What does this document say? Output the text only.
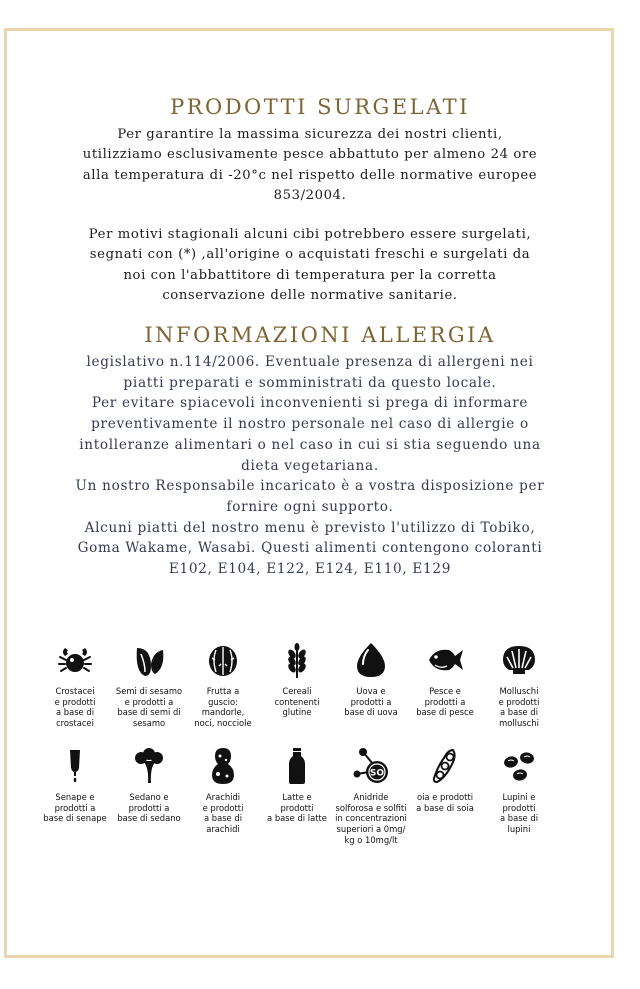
PRODOTTI SURGELATI
Per garantire la massima sicurezza dei nostri clienti,
utilizziamo esclusivamente pesce abbattuto per almeno 24 ore
alla temperatura di -20°c nel rispetto delle normative europee
853/2004.
Per motivi stagionali alcuni cibi potrebbero essere surgelati,
segnati con (*) ,all'origine o acquistati freschi e surgelati da
noi con l'abbattitore di temperatura per la corretta
conservazione delle normative sanitarie.
INFORMAZIONI ALLERGIA
legislativo n.114/2006. Eventuale presenza di allergeni nei
piatti preparati e somministrati da questo locale.
Per evitare spiacevoli inconvenienti si prega di informare
preventivamente il nostro personale nel caso di allergie o
intolleranze alimentari o nel caso in cui si stia seguendo una
dieta vegetariana.
Un nostro Responsabile incaricato è a vostra disposizione per
fornire ogni supporto.
Alcuni piatti del nostro menu è previsto l'utilizzo di Tobiko,
Goma Wakame, Wasabi. Questi alimenti contengono coloranti
E102, E104, E122, E124, E110, E129
Crostacei
e prodotti
a base di
crostacei
Semi di sesamo
e prodotti a
base di semi di
sesamo
Frutta a
guscio:
mandorle,
noci, nocciole
Cereali
contenenti
glutine
Uova e
prodotti a
base di uova
Pesce e
prodotti a
base di pesce
Molluschi
e prodotti
a base di
molluschi
Senape e
prodotti a
base di senape
Sedano e
prodotti a
base di sedano
Arachidi
e prodotti
a base di
arachidi
Latte e
prodotti
a base di latte
SO
Anidride
solforosa e solfiti
in concentrazioni
superiori a 0mg/
kg o 10mg/lt
oia e prodotti
a base di soia
Lupini e
prodotti
a base di
lupini
